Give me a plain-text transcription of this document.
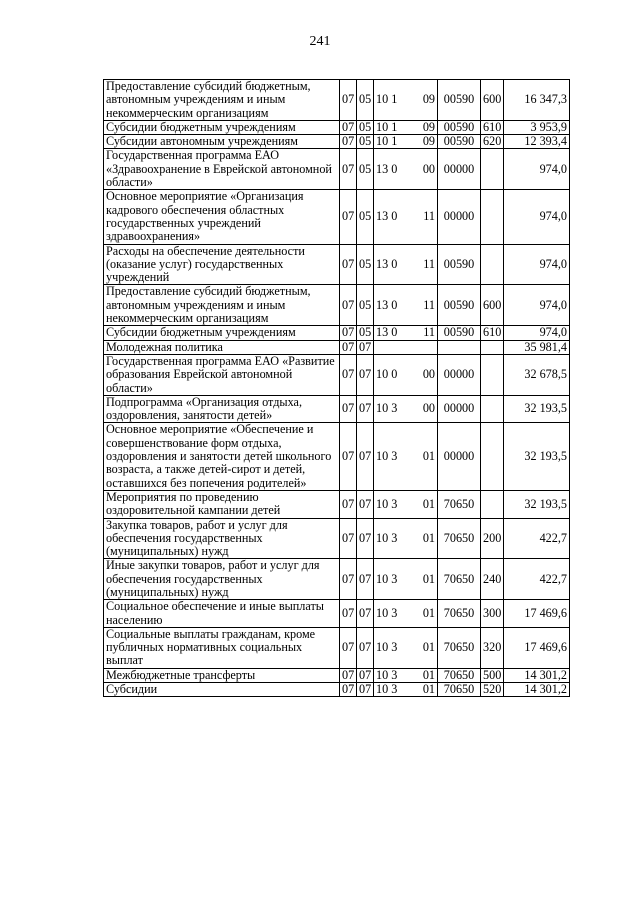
241
Предоставление субсидий бюджетным, автономным учреждениям и иным некоммерческим организациям	07	05	10 1 09	00590	600	16 347,3
Субсидии бюджетным учреждениям	07	05	10 1 09	00590	610	3 953,9
Субсидии автономным учреждениям	07	05	10 1 09	00590	620	12 393,4
Государственная программа ЕАО «Здравоохранение в Еврейской автономной области»	07	05	13 0 00	00000		974,0
Основное мероприятие «Организация кадрового обеспечения областных государственных учреждений здравоохранения»	07	05	13 0 11	00000		974,0
Расходы на обеспечение деятельности (оказание услуг) государственных учреждений	07	05	13 0 11	00590		974,0
Предоставление субсидий бюджетным, автономным учреждениям и иным некоммерческим организациям	07	05	13 0 11	00590	600	974,0
Субсидии бюджетным учреждениям	07	05	13 0 11	00590	610	974,0
Молодежная политика	07	07				35 981,4
Государственная программа ЕАО «Развитие образования Еврейской автономной области»	07	07	10 0 00	00000		32 678,5
Подпрограмма «Организация отдыха, оздоровления, занятости детей»	07	07	10 3 00	00000		32 193,5
Основное мероприятие «Обеспечение и совершенствование форм отдыха, оздоровления и занятости детей школьного возраста, а также детей-сирот и детей, оставшихся без попечения родителей»	07	07	10 3 01	00000		32 193,5
Мероприятия по проведению оздоровительной кампании детей	07	07	10 3 01	70650		32 193,5
Закупка товаров, работ и услуг для обеспечения государственных (муниципальных) нужд	07	07	10 3 01	70650	200	422,7
Иные закупки товаров, работ и услуг для обеспечения государственных (муниципальных) нужд	07	07	10 3 01	70650	240	422,7
Социальное обеспечение и иные выплаты населению	07	07	10 3 01	70650	300	17 469,6
Социальные выплаты гражданам, кроме публичных нормативных социальных выплат	07	07	10 3 01	70650	320	17 469,6
Межбюджетные трансферты	07	07	10 3 01	70650	500	14 301,2
Субсидии	07	07	10 3 01	70650	520	14 301,2
